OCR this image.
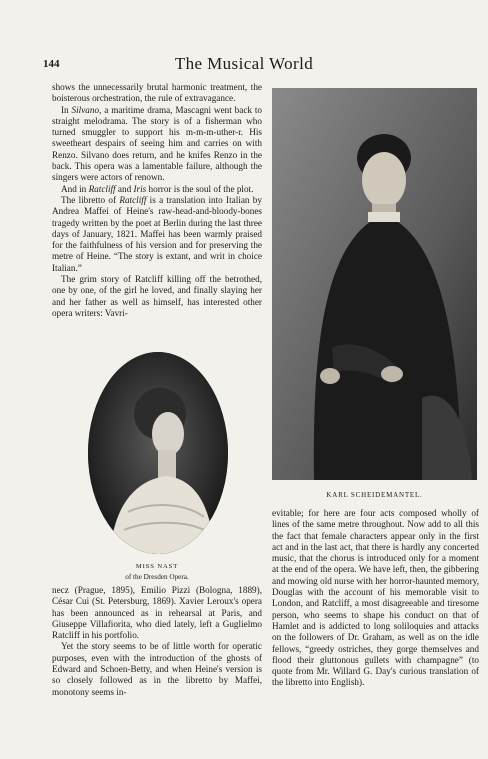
144	The Musical World

shows the unnecessarily brutal harmonic treatment, the boisterous orchestration, the rule of extravagance.

In Silvano, a maritime drama, Mascagni went back to straight melodrama. The story is of a fisherman who turned smuggler to support his m-m-m-uther-r. His sweetheart despairs of seeing him and carries on with Renzo. Silvano does return, and he knifes Renzo in the back. This opera was a lamentable failure, although the singers were actors of renown.

And in Ratcliff and Iris horror is the soul of the plot.

The libretto of Ratcliff is a translation into Italian by Andrea Maffei of Heine's raw-head-and-bloody-bones tragedy written by the poet at Berlin during the last three days of January, 1821. Maffei has been warmly praised for the faithfulness of his version and for preserving the metre of Heine. “The story is extant, and writ in choice Italian.”

The grim story of Ratcliff killing off the betrothed, one by one, of the girl he loved, and finally slaying her and her father as well as himself, has interested other opera writers: Vavri-

MISS NAST
of the Dresden Opera.

necz (Prague, 1895), Emilio Pizzi (Bologna, 1889), César Cui (St. Petersburg, 1869). Xavier Leroux's opera has been announced as in rehearsal at Paris, and Giuseppe Villafiorita, who died lately, left a Guglielmo Ratcliff in his portfolio.

Yet the story seems to be of little worth for operatic purposes, even with the introduction of the ghosts of Edward and Schoen-Betty, and when Heine's version is so closely followed as in the libretto by Maffei, monotony seems in-

KARL SCHEIDEMANTEL.

evitable; for here are four acts composed wholly of lines of the same metre throughout. Now add to all this the fact that female characters appear only in the first act and in the last act, that there is hardly any concerted music, that the chorus is introduced only for a moment at the end of the opera. We have left, then, the gibbering and mowing old nurse with her horror-haunted memory, Douglas with the account of his memorable visit to London, and Ratcliff, a most disagreeable and tiresome person, who seems to shape his conduct on that of Hamlet and is addicted to long soliloquies and attacks on the followers of Dr. Graham, as well as on the idle fellows, “greedy ostriches, they gorge themselves and flood their gluttonous gullets with champagne” (to quote from Mr. Willard G. Day's curious translation of the libretto into English).
